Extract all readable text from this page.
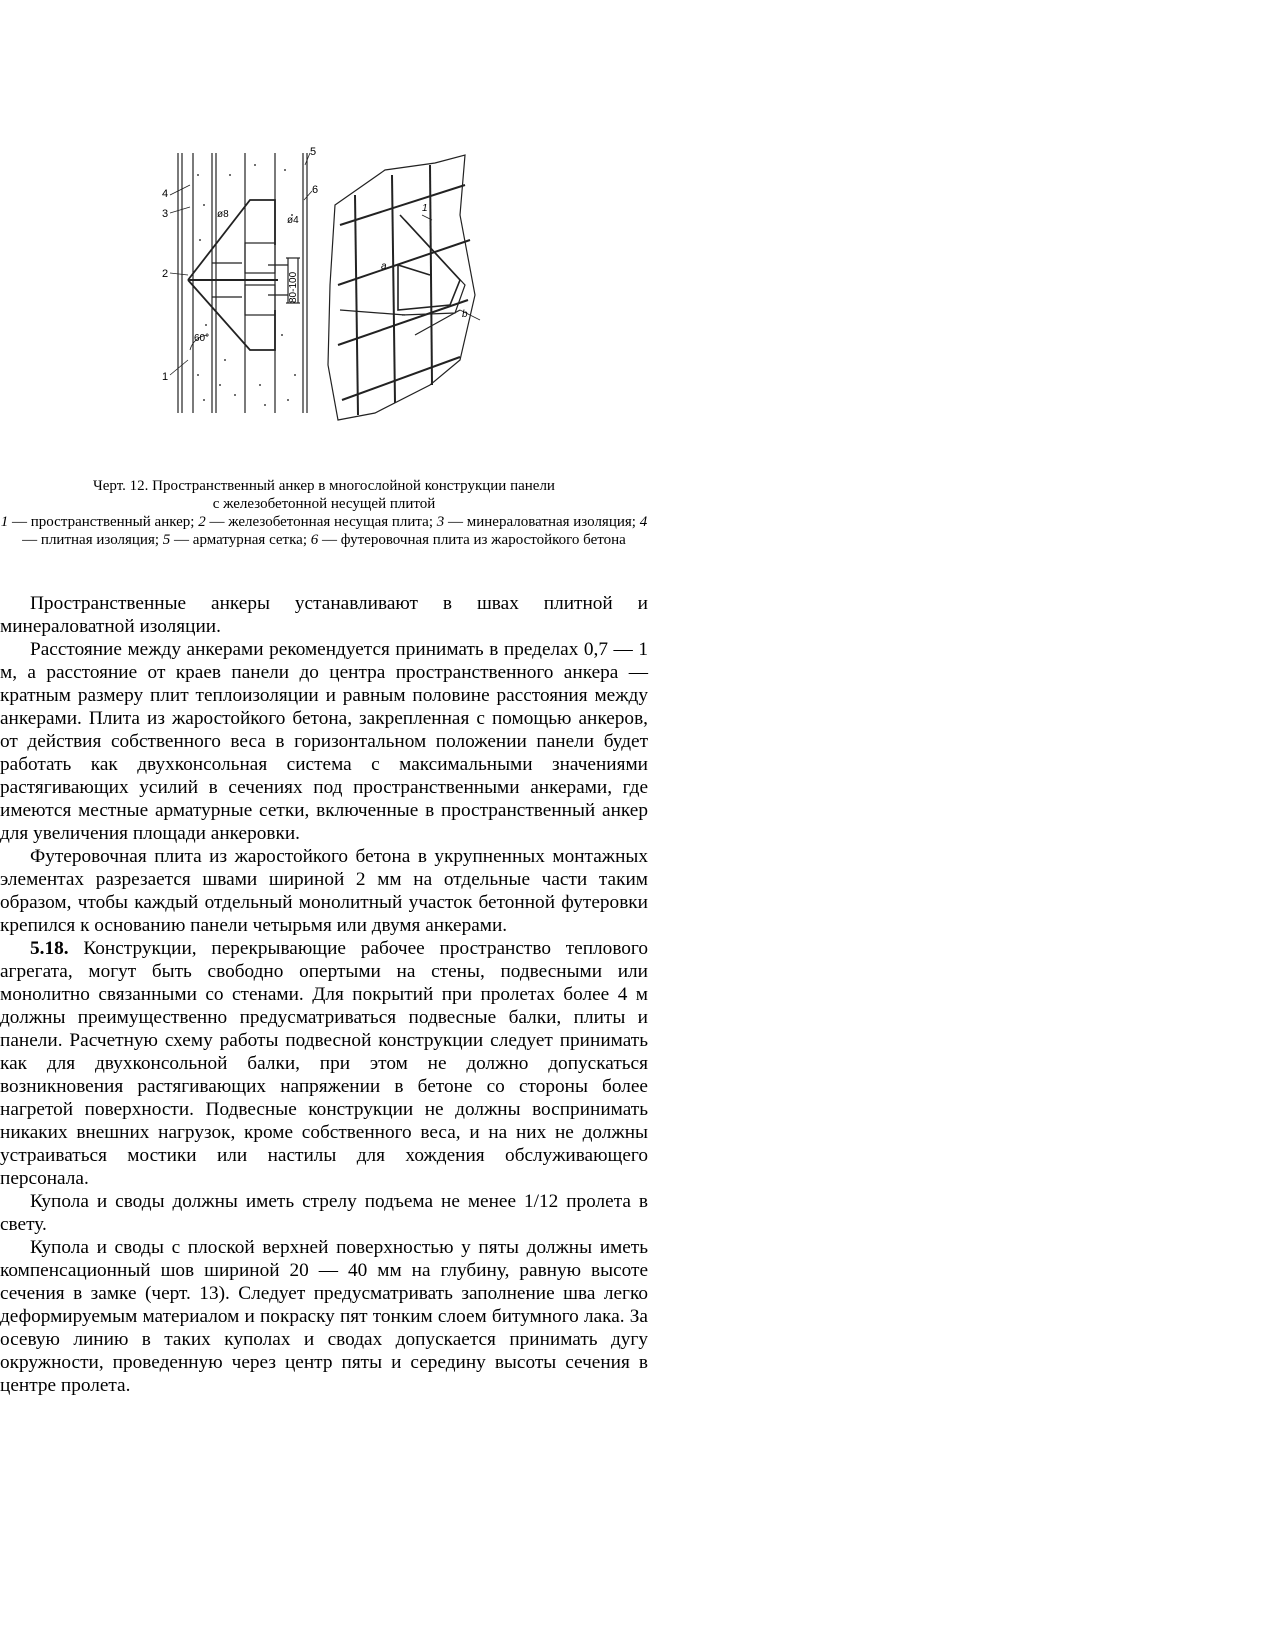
4
3
2
1
5
6
ø8
ø4
80-100
60°
1
a
b
Черт. 12. Пространственный анкер в многослойной конструкции панели
с железобетонной несущей плитой
1 — пространственный анкер; 2 — железобетонная несущая плита; 3 — минераловатная изоляция; 4 — плитная изоляция; 5 — арматурная сетка; 6 — футеровочная плита из жаростойкого бетона

Пространственные анкеры устанавливают в швах плитной и минераловатной изоляции.

Расстояние между анкерами рекомендуется принимать в пределах 0,7 — 1 м, а расстояние от краев панели до центра пространственного анкера — кратным размеру плит теплоизоляции и равным половине расстояния между анкерами. Плита из жаростойкого бетона, закрепленная с помощью анкеров, от действия собственного веса в горизонтальном положении панели будет работать как двухконсольная система с максимальными значениями растягивающих усилий в сечениях под пространственными анкерами, где имеются местные арматурные сетки, включенные в пространственный анкер для увеличения площади анкеровки.

Футеровочная плита из жаростойкого бетона в укрупненных монтажных элементах разрезается швами шириной 2 мм на отдельные части таким образом, чтобы каждый отдельный монолитный участок бетонной футеровки крепился к основанию панели четырьмя или двумя анкерами.

5.18. Конструкции, перекрывающие рабочее пространство теплового агрегата, могут быть свободно опертыми на стены, подвесными или монолитно связанными со стенами. Для покрытий при пролетах более 4 м должны преимущественно предусматриваться подвесные балки, плиты и панели. Расчетную схему работы подвесной конструкции следует принимать как для двухконсольной балки, при этом не должно допускаться возникновения растягивающих напряжении в бетоне со стороны более нагретой поверхности. Подвесные конструкции не должны воспринимать никаких внешних нагрузок, кроме собственного веса, и на них не должны устраиваться мостики или настилы для хождения обслуживающего персонала.

Купола и своды должны иметь стрелу подъема не менее 1/12 пролета в свету.

Купола и своды с плоской верхней поверхностью у пяты должны иметь компенсационный шов шириной 20 — 40 мм на глубину, равную высоте сечения в замке (черт. 13). Следует предусматривать заполнение шва легко деформируемым материалом и покраску пят тонким слоем битумного лака. За осевую линию в таких куполах и сводах допускается принимать дугу окружности, проведенную через центр пяты и середину высоты сечения в центре пролета.
